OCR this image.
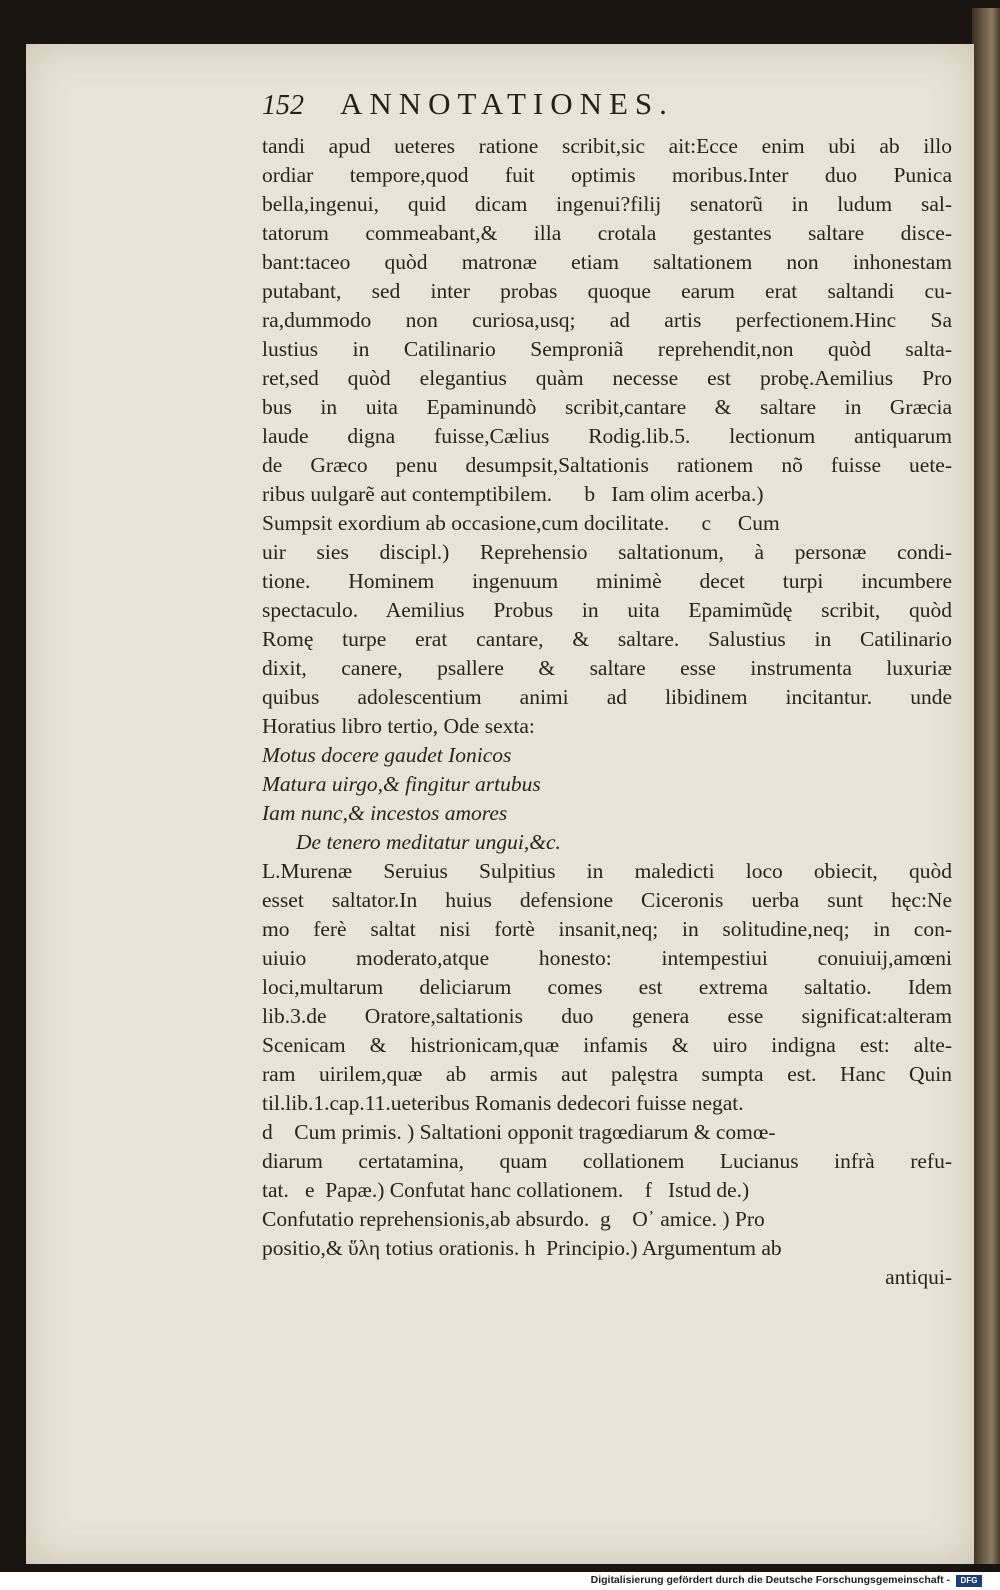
152 ANNOTATIONES.
tandi apud ueteres ratione scribit,sic ait:Ecce enim ubi ab illo
ordiar tempore,quod fuit optimis moribus.Inter duo Punica
bella,ingenui, quid dicam ingenui?filij senatorũ in ludum sal-
tatorum commeabant,& illa crotala gestantes saltare disce-
bant:taceo quòd matronæ etiam saltationem non inhonestam
putabant, sed inter probas quoque earum erat saltandi cu-
ra,dummodo non curiosa,usq; ad artis perfectionem.Hinc Sa
lustius in Catilinario Semproniã reprehendit,non quòd salta-
ret,sed quòd elegantius quàm necesse est probę.Aemilius Pro
bus in uita Epaminundò scribit,cantare & saltare in Græcia
laude digna fuisse,Cælius Rodig.lib.5. lectionum antiquarum
de Græco penu desumpsit,Saltationis rationem nõ fuisse uete-
ribus uulgarẽ aut contemptibilem.      b   Iam olim acerba.)
Sumpsit exordium ab occasione,cum docilitate.      c     Cum
uir sies discipl.) Reprehensio saltationum, à personæ condi-
tione. Hominem ingenuum minimè decet turpi incumbere
spectaculo. Aemilius Probus in uita Epamimũdę scribit, quòd
Romę turpe erat cantare, & saltare. Salustius in Catilinario
dixit, canere, psallere & saltare esse instrumenta luxuriæ
quibus adolescentium animi ad libidinem incitantur. unde
Horatius libro tertio, Ode sexta:
Motus docere gaudet Ionicos
Matura uirgo,& fingitur artubus
Iam nunc,& incestos amores
De tenero meditatur ungui,&c.
L.Murenæ Seruius Sulpitius in maledicti loco obiecit, quòd
esset saltator.In huius defensione Ciceronis uerba sunt hęc:Ne
mo ferè saltat nisi fortè insanit,neq; in solitudine,neq; in con-
uiuio moderato,atque honesto: intempestiui conuiuij,amœni
loci,multarum deliciarum comes est extrema saltatio. Idem
lib.3.de Oratore,saltationis duo genera esse significat:alteram
Scenicam & histrionicam,quæ infamis & uiro indigna est: alte-
ram uirilem,quæ ab armis aut palęstra sumpta est. Hanc Quin
til.lib.1.cap.11.ueteribus Romanis dedecori fuisse negat.
d    Cum primis. ) Saltationi opponit tragœdiarum & comœ-
diarum certatamina, quam collationem Lucianus infrà refu-
tat.   e  Papæ.) Confutat hanc collationem.    f   Istud de.)
Confutatio reprehensionis,ab absurdo.  g    O᾽ amice. ) Pro
positio,& ὕλη totius orationis. h  Principio.) Argumentum ab
antiqui-
Digitalisierung gefördert durch die Deutsche Forschungsgemeinschaft -	DFG
